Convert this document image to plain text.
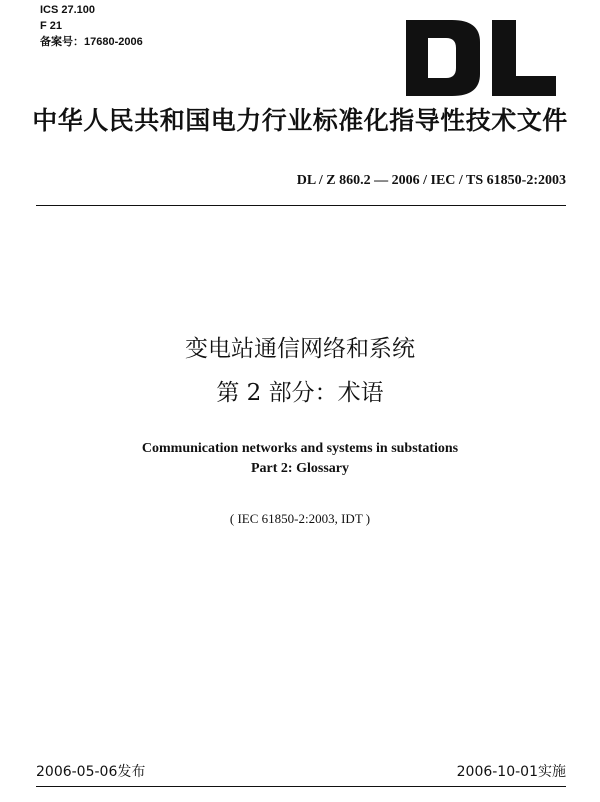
ICS 27.100
F 21
备案号：17680-2006
中华人民共和国电力行业标准化指导性技术文件
DL / Z 860.2 — 2006 / IEC / TS 61850-2:2003
变电站通信网络和系统
第 2 部分：术语
Communication networks and systems in substations
Part 2: Glossary
( IEC 61850-2:2003, IDT )
2006-05-06发布	2006-10-01实施
